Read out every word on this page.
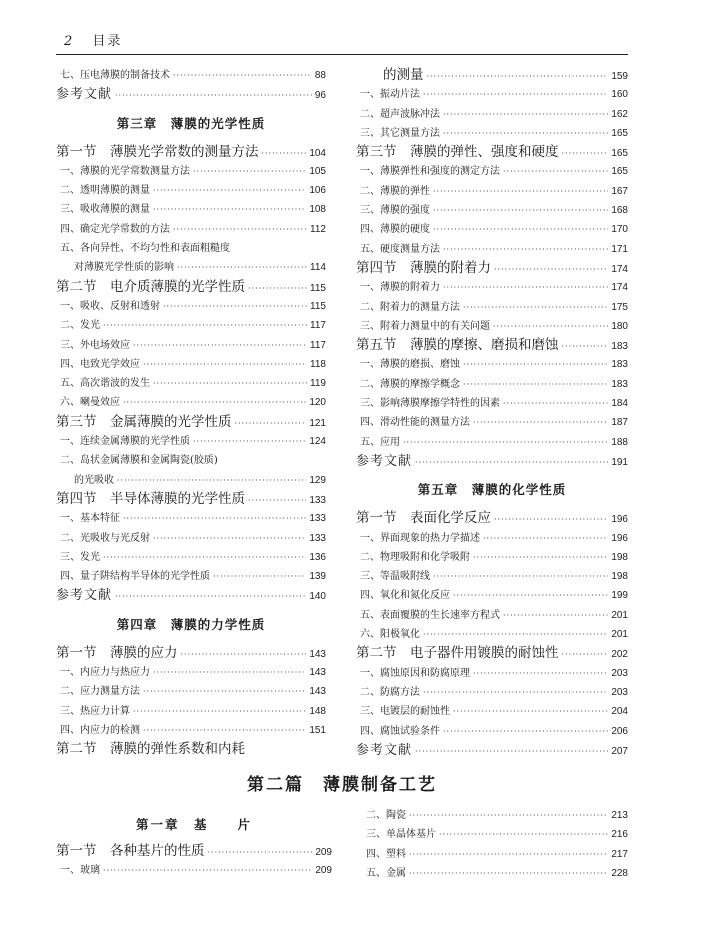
2 目录
七、压电薄膜的制备技术 ·····	88
参考文献 ·····	96
第三章　薄膜的光学性质
第一节　薄膜光学常数的测量方法 ·····	104
一、薄膜的光学常数测量方法 ·····	105
二、透明薄膜的测量 ·····	106
三、吸收薄膜的测量 ·····	108
四、确定光学常数的方法 ·····	112
五、各向异性、不均匀性和表面粗糙度
对薄膜光学性质的影响 ·····	114
第二节　电介质薄膜的光学性质 ·····	115
一、吸收、反射和透射 ·····	115
二、发光 ·····	117
三、外电场效应 ·····	117
四、电致光学效应 ·····	118
五、高次谐波的发生 ·····	119
六、喇曼效应 ·····	120
第三节　金属薄膜的光学性质 ·····	121
一、连续金属薄膜的光学性质 ·····	124
二、岛状金属薄膜和金属陶瓷(胶质)
的光吸收 ·····	129
第四节　半导体薄膜的光学性质 ·····	133
一、基本特征 ·····	133
二、光吸收与光反射 ·····	133
三、发光 ·····	136
四、量子阱结构半导体的光学性质 ·····	139
参考文献 ·····	140
第四章　薄膜的力学性质
第一节　薄膜的应力 ·····	143
一、内应力与热应力 ·····	143
二、应力测量方法 ·····	143
三、热应力计算 ·····	148
四、内应力的检测 ·····	151
第二节　薄膜的弹性系数和内耗
　　的测量 ·····	159
一、振动片法 ·····	160
二、超声波脉冲法 ·····	162
三、其它测量方法 ·····	165
第三节　薄膜的弹性、强度和硬度 ·····	165
一、薄膜弹性和强度的测定方法 ·····	165
二、薄膜的弹性 ·····	167
三、薄膜的强度 ·····	168
四、薄膜的硬度 ·····	170
五、硬度测量方法 ·····	171
第四节　薄膜的附着力 ·····	174
一、薄膜的附着力 ·····	174
二、附着力的测量方法 ·····	175
三、附着力测量中的有关问题 ·····	180
第五节　薄膜的摩擦、磨损和磨蚀 ·····	183
一、薄膜的磨损、磨蚀 ·····	183
二、薄膜的摩擦学概念 ·····	183
三、影响薄膜摩擦学特性的因素 ·····	184
四、滑动性能的测量方法 ·····	187
五、应用 ·····	188
参考文献 ·····	191
第五章　薄膜的化学性质
第一节　表面化学反应 ·····	196
一、界面现象的热力学描述 ·····	196
二、物理吸附和化学吸附 ·····	198
三、等温吸附线 ·····	198
四、氧化和氮化反应 ·····	199
五、表面覆膜的生长速率方程式 ·····	201
六、阳极氧化 ·····	201
第二节　电子器件用镀膜的耐蚀性 ·····	202
一、腐蚀原因和防腐原理 ·····	203
二、防腐方法 ·····	203
三、电镀层的耐蚀性 ·····	204
四、腐蚀试验条件 ·····	206
参考文献 ·····	207
第二篇　薄膜制备工艺
第一章　基　　片
第一节　各种基片的性质 ·····	209
一、玻璃 ·····	209
二、陶瓷 ·····	213
三、单晶体基片 ·····	216
四、塑料 ·····	217
五、金属 ·····	228
